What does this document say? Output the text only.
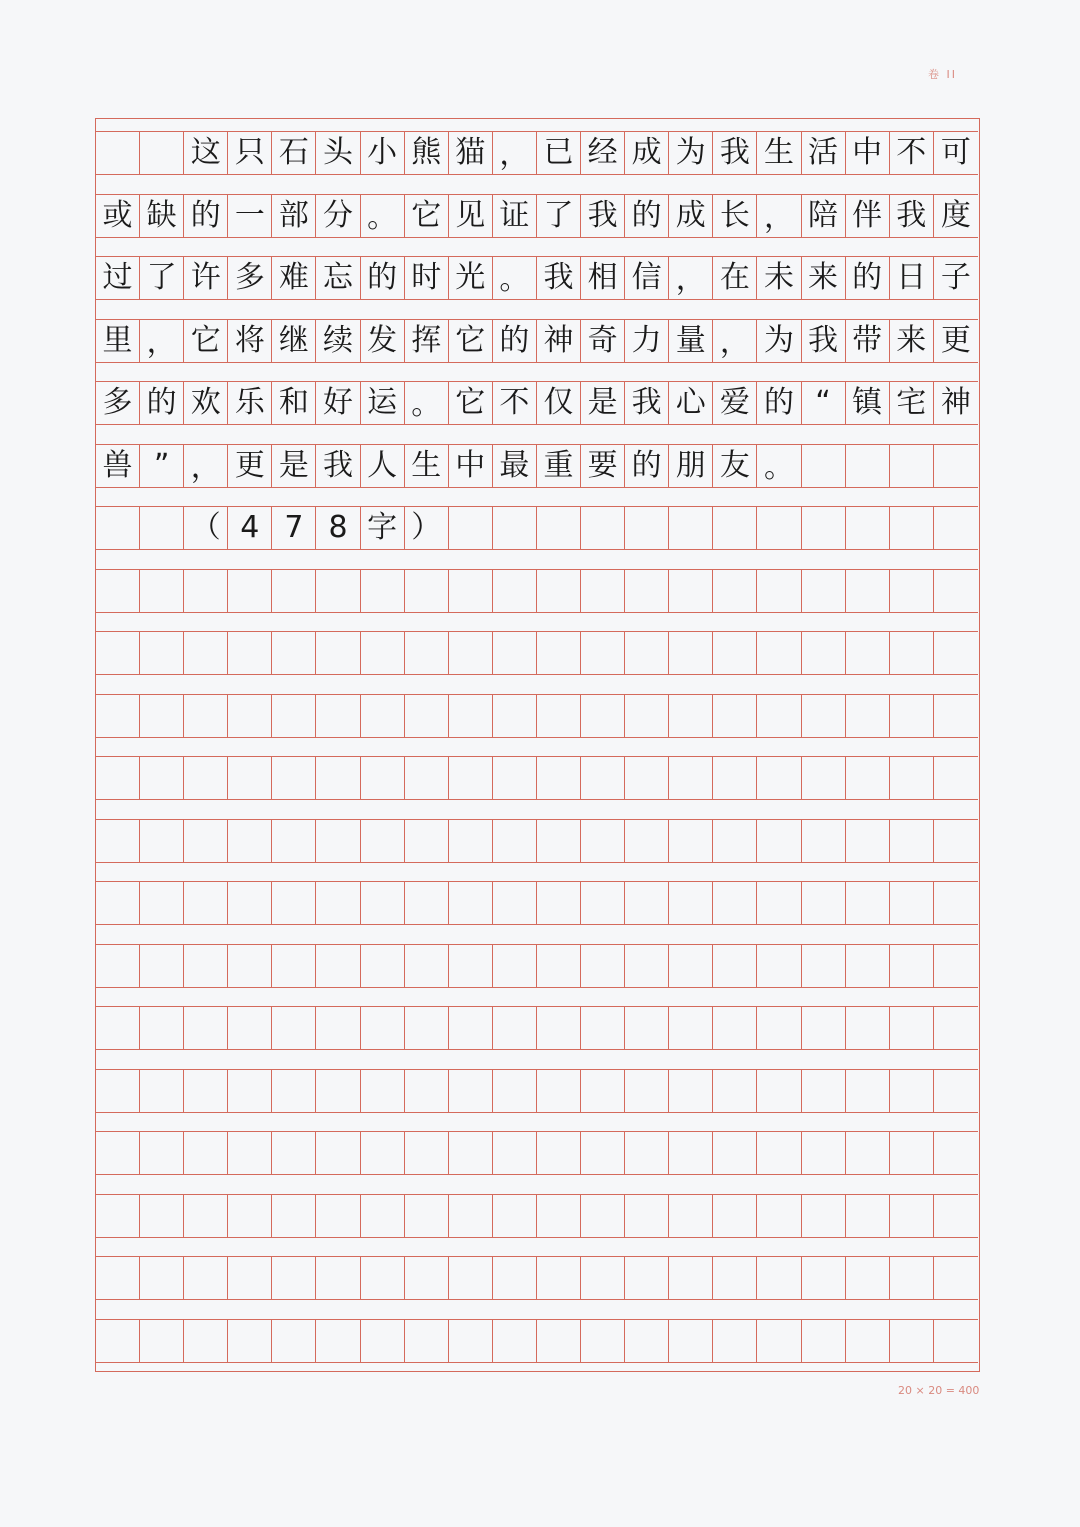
卷 II
这 只 石 头 小 熊 猫 ， 已 经 成 为 我 生 活 中 不 可
或 缺 的 一 部 分 。 它 见 证 了 我 的 成 长 ， 陪 伴 我 度
过 了 许 多 难 忘 的 时 光 。 我 相 信 ， 在 未 来 的 日 子
里 ， 它 将 继 续 发 挥 它 的 神 奇 力 量 ， 为 我 带 来 更
多 的 欢 乐 和 好 运 。 它 不 仅 是 我 心 爱 的 “ 镇 宅 神
兽 ” ， 更 是 我 人 生 中 最 重 要 的 朋 友 。
（ 4 7 8 字 ）
20 × 20 = 400
